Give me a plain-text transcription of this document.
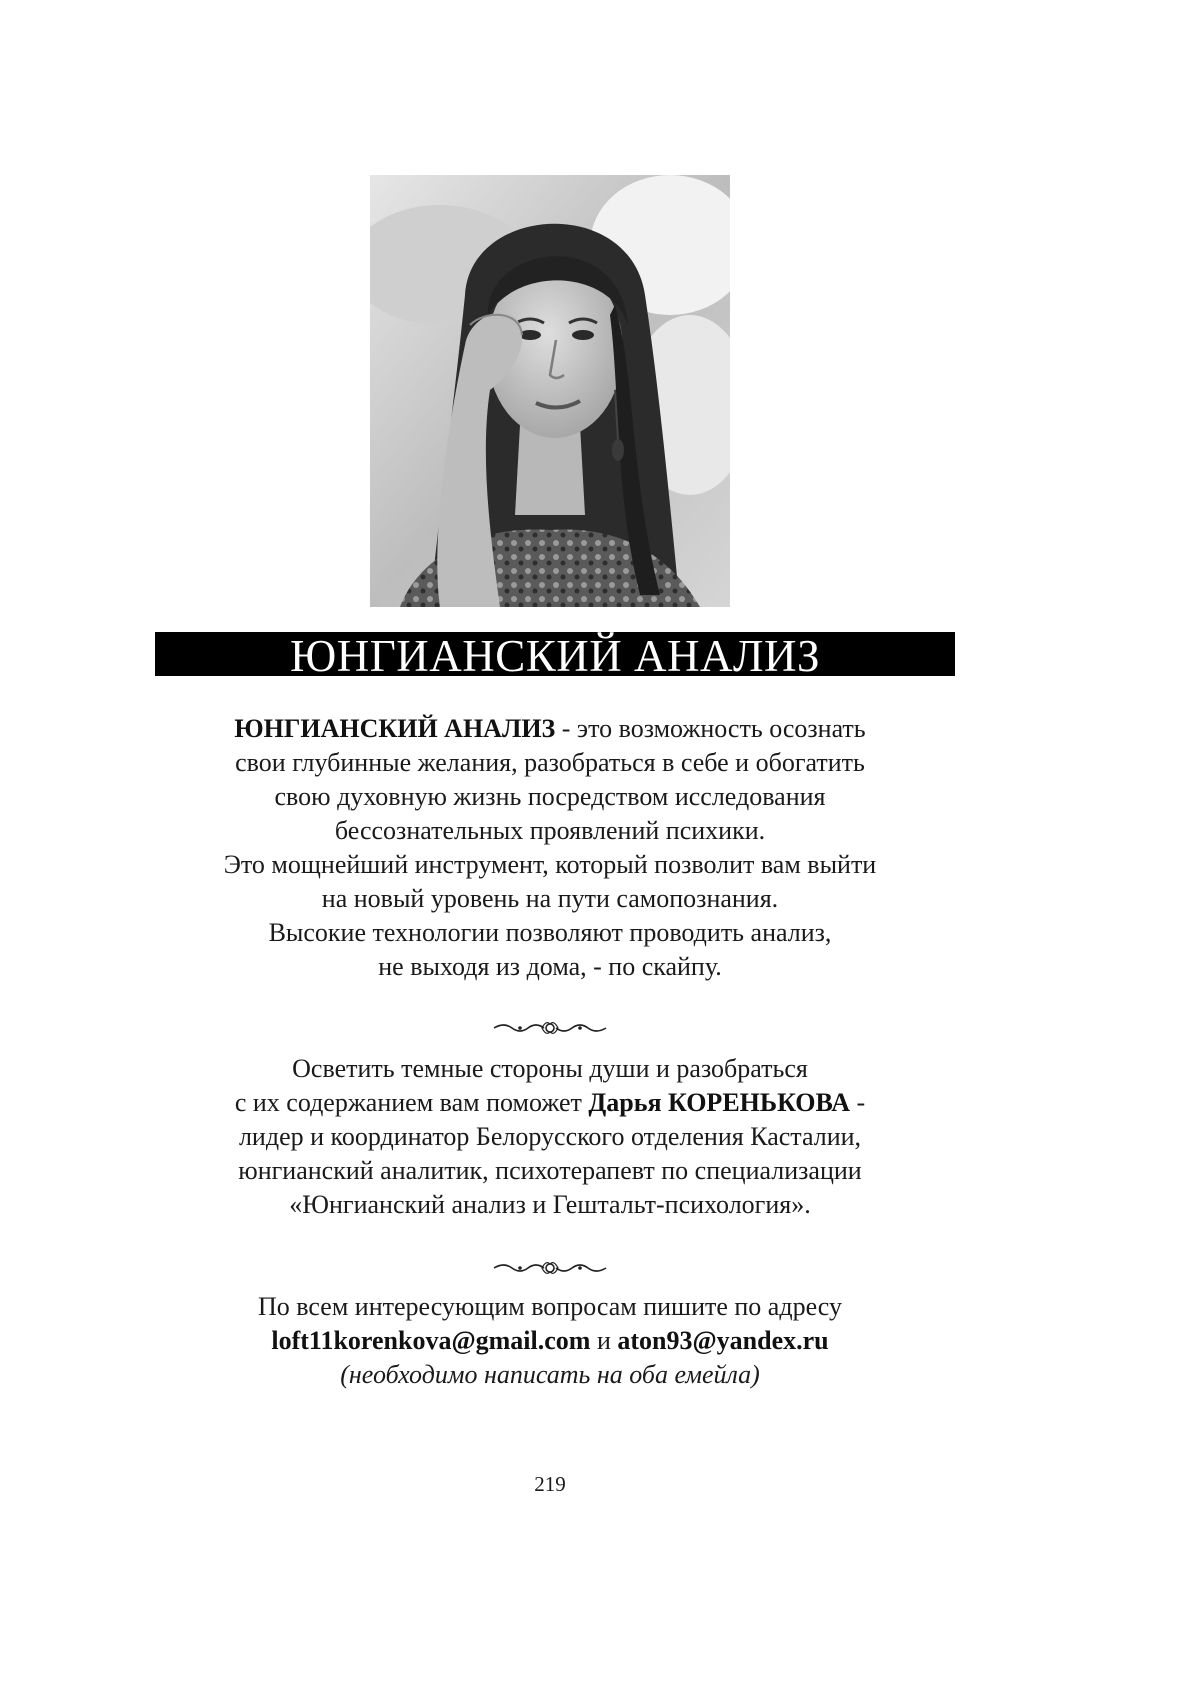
ЮНГИАНСКИЙ АНАЛИЗ
ЮНГИАНСКИЙ АНАЛИЗ - это возможность осознать
свои глубинные желания, разобраться в себе и обогатить
свою духовную жизнь посредством исследования
бессознательных проявлений психики.
Это мощнейший инструмент, который позволит вам выйти
на новый уровень на пути самопознания.
Высокие технологии позволяют проводить анализ,
не выходя из дома, - по скайпу.
Осветить темные стороны души и разобраться
с их содержанием вам поможет Дарья КОРЕНЬКОВА -
лидер и координатор Белорусского отделения Касталии,
юнгианский аналитик, психотерапевт по специализации
«Юнгианский анализ и Гештальт-психология».
По всем интересующим вопросам пишите по адресу
loft11korenkova@gmail.com и aton93@yandex.ru
(необходимо написать на оба емейла)
219
